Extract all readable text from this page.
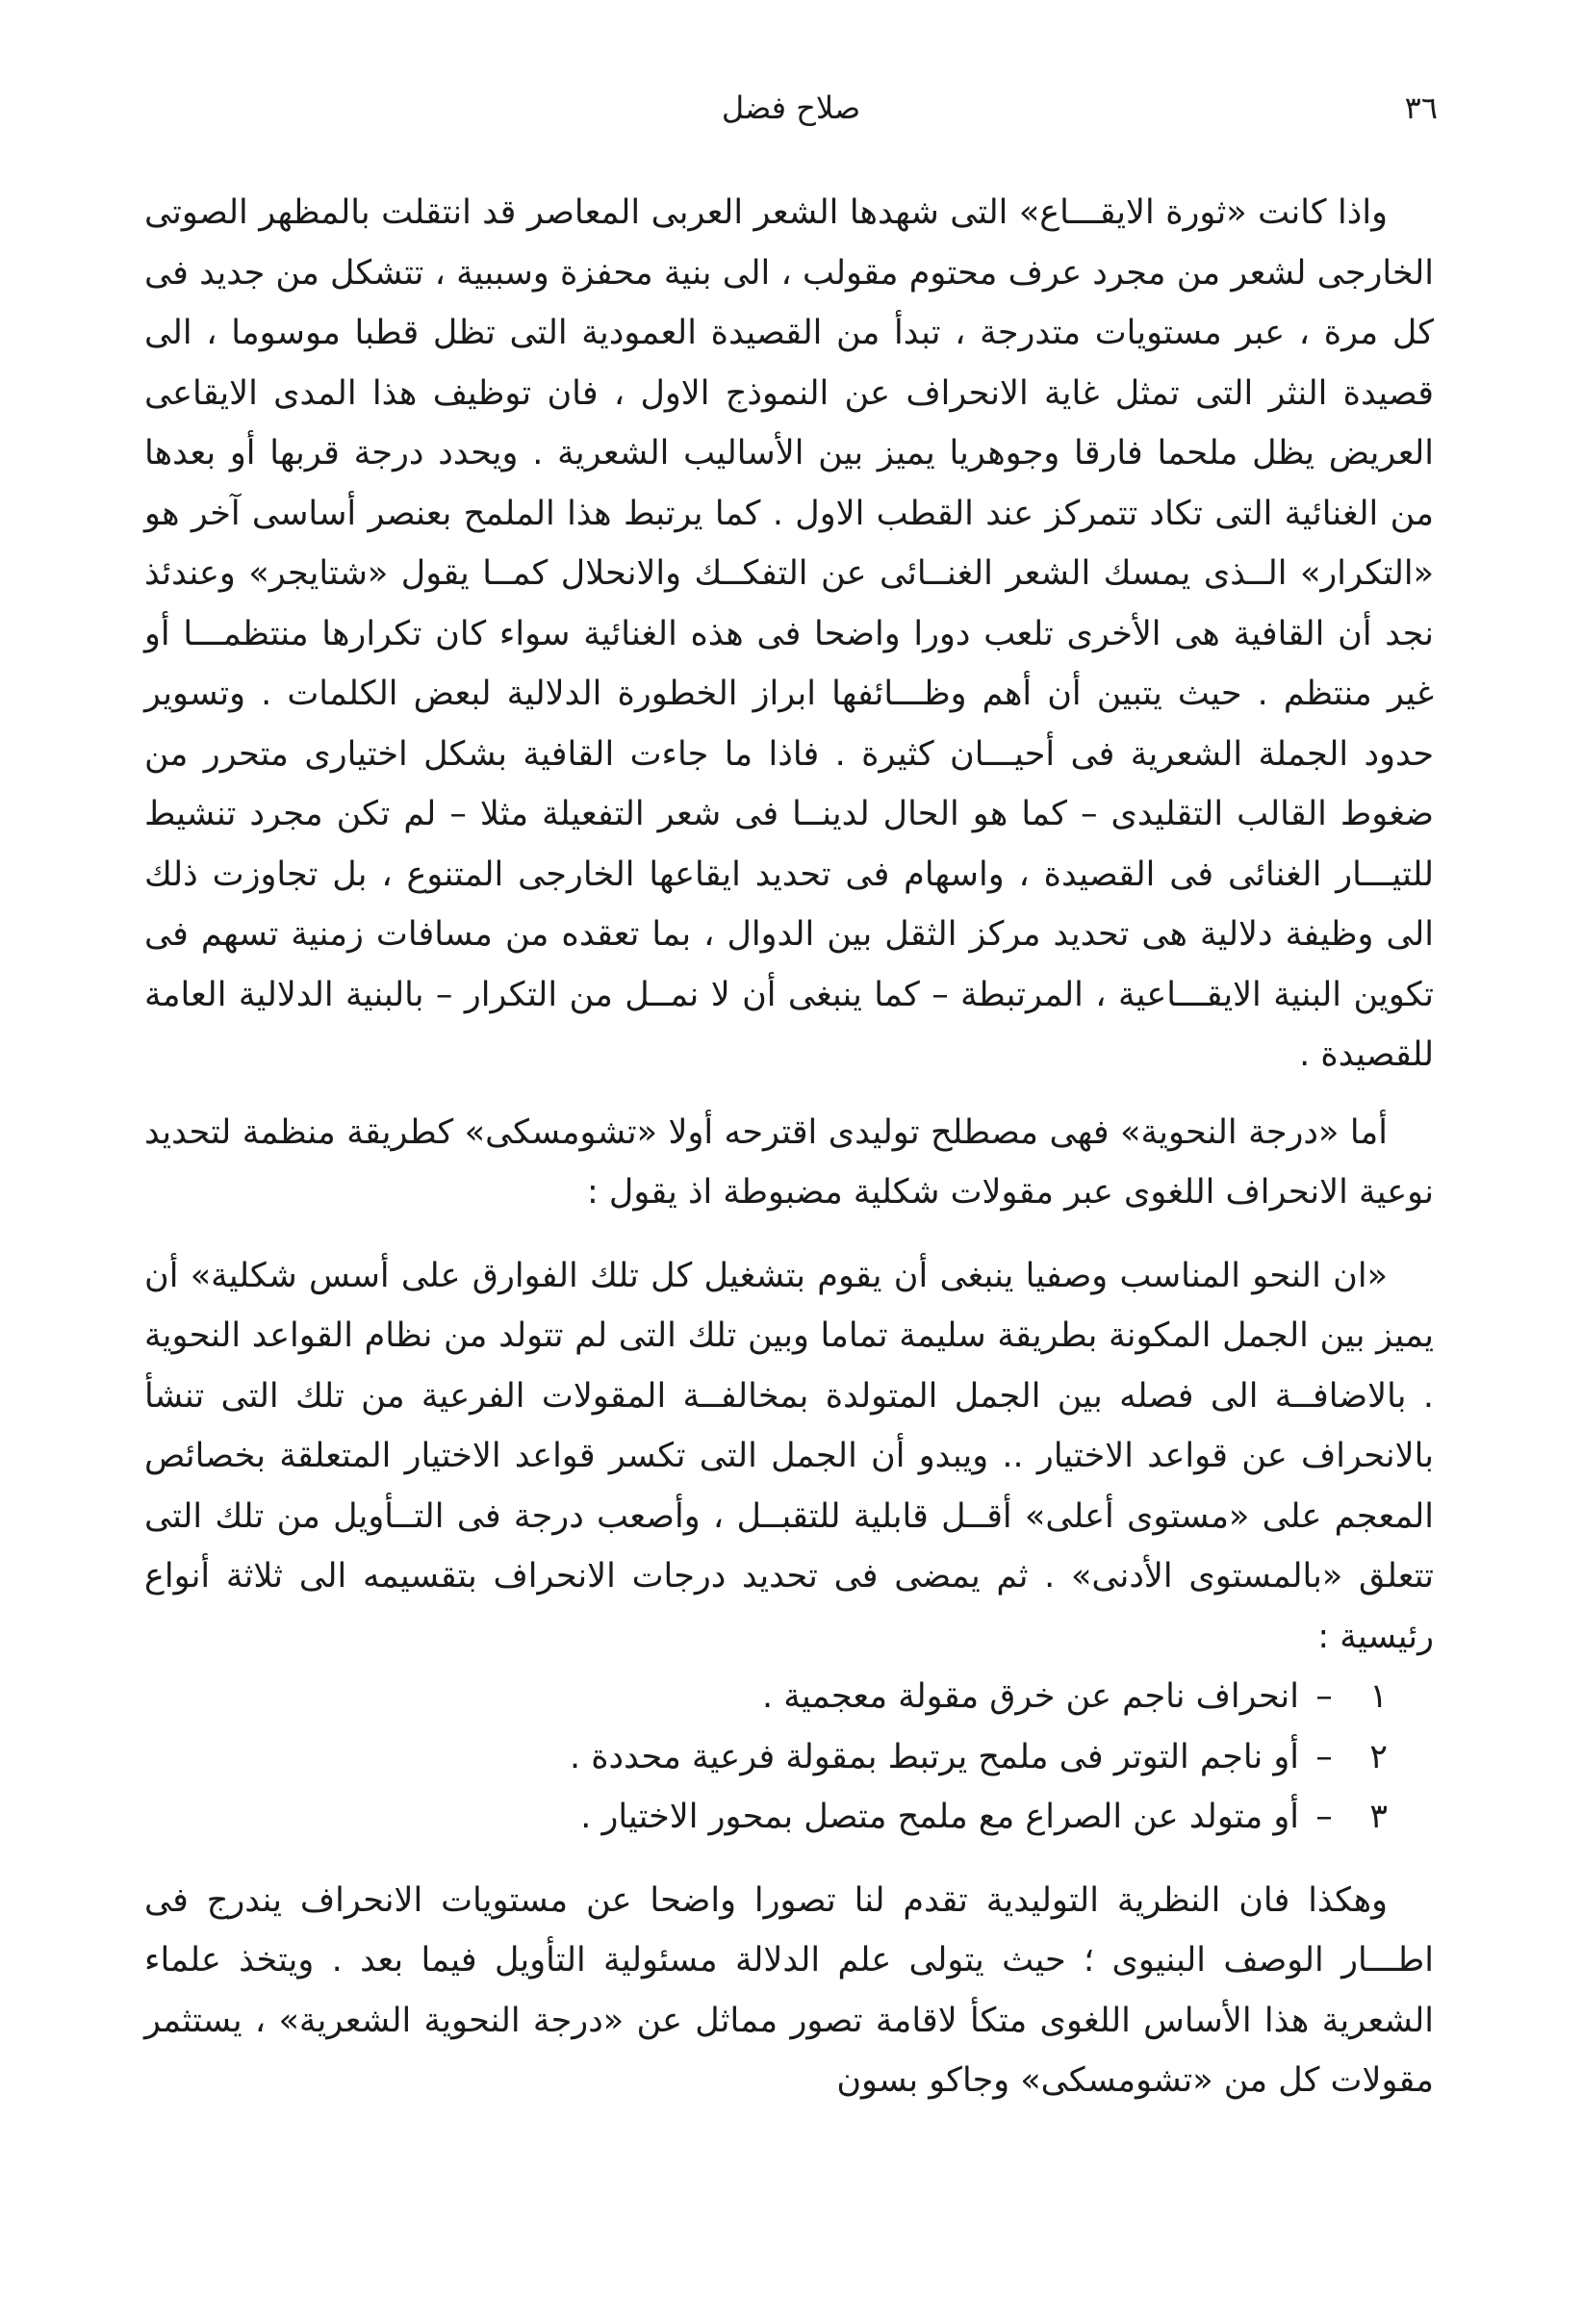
٣٦
صلاح فضل

واذا كانت «ثورة الايقـــاع» التى شهدها الشعر العربى المعاصر قد انتقلت بالمظهر الصوتى الخارجى لشعر من مجرد عرف محتوم مقولب ، الى بنية محفزة وسببية ، تتشكل من جديد فى كل مرة ، عبر مستويات متدرجة ، تبدأ من القصيدة العمودية التى تظل قطبا موسوما ، الى قصيدة النثر التى تمثل غاية الانحراف عن النموذج الاول ، فان توظيف هذا المدى الايقاعى العريض يظل ملحما فارقا وجوهريا يميز بين الأساليب الشعرية . ويحدد درجة قربها أو بعدها من الغنائية التى تكاد تتمركز عند القطب الاول . كما يرتبط هذا الملمح بعنصر أساسى آخر هو «التكرار» الــذى يمسك الشعر الغنــائى عن التفكــك والانحلال كمــا يقول «شتايجر» وعندئذ نجد أن القافية هى الأخرى تلعب دورا واضحا فى هذه الغنائية سواء كان تكرارها منتظمـــا أو غير منتظم . حيث يتبين أن أهم وظـــائفها ابراز الخطورة الدلالية لبعض الكلمات . وتسوير حدود الجملة الشعرية فى أحيـــان كثيرة . فاذا ما جاءت القافية بشكل اختيارى متحرر من ضغوط القالب التقليدى – كما هو الحال لدينــا فى شعر التفعيلة مثلا – لم تكن مجرد تنشيط للتيـــار الغنائى فى القصيدة ، واسهام فى تحديد ايقاعها الخارجى المتنوع ، بل تجاوزت ذلك الى وظيفة دلالية هى تحديد مركز الثقل بين الدوال ، بما تعقده من مسافات زمنية تسهم فى تكوين البنية الايقـــاعية ، المرتبطة – كما ينبغى أن لا نمــل من التكرار – بالبنية الدلالية العامة للقصيدة .

أما «درجة النحوية» فهى مصطلح توليدى اقترحه أولا «تشومسكى» كطريقة منظمة لتحديد نوعية الانحراف اللغوى عبر مقولات شكلية مضبوطة اذ يقول :

«ان النحو المناسب وصفيا ينبغى أن يقوم بتشغيل كل تلك الفوارق على أسس شكلية» أن يميز بين الجمل المكونة بطريقة سليمة تماما وبين تلك التى لم تتولد من نظام القواعد النحوية . بالاضافــة الى فصله بين الجمل المتولدة بمخالفــة المقولات الفرعية من تلك التى تنشأ بالانحراف عن قواعد الاختيار .. ويبدو أن الجمل التى تكسر قواعد الاختيار المتعلقة بخصائص المعجم على «مستوى أعلى» أقــل قابلية للتقبــل ، وأصعب درجة فى التــأويل من تلك التى تتعلق «بالمستوى الأدنى» . ثم يمضى فى تحديد درجات الانحراف بتقسيمه الى ثلاثة أنواع رئيسية :

١–انحراف ناجم عن خرق مقولة معجمية .
٢–أو ناجم التوتر فى ملمح يرتبط بمقولة فرعية محددة .
٣–أو متولد عن الصراع مع ملمح متصل بمحور الاختيار .

وهكذا فان النظرية التوليدية تقدم لنا تصورا واضحا عن مستويات الانحراف يندرج فى اطـــار الوصف البنيوى ؛ حيث يتولى علم الدلالة مسئولية التأويل فيما بعد . ويتخذ علماء الشعرية هذا الأساس اللغوى متكأ لاقامة تصور مماثل عن «درجة النحوية الشعرية» ، يستثمر مقولات كل من «تشومسكى» وجاكو بسون
